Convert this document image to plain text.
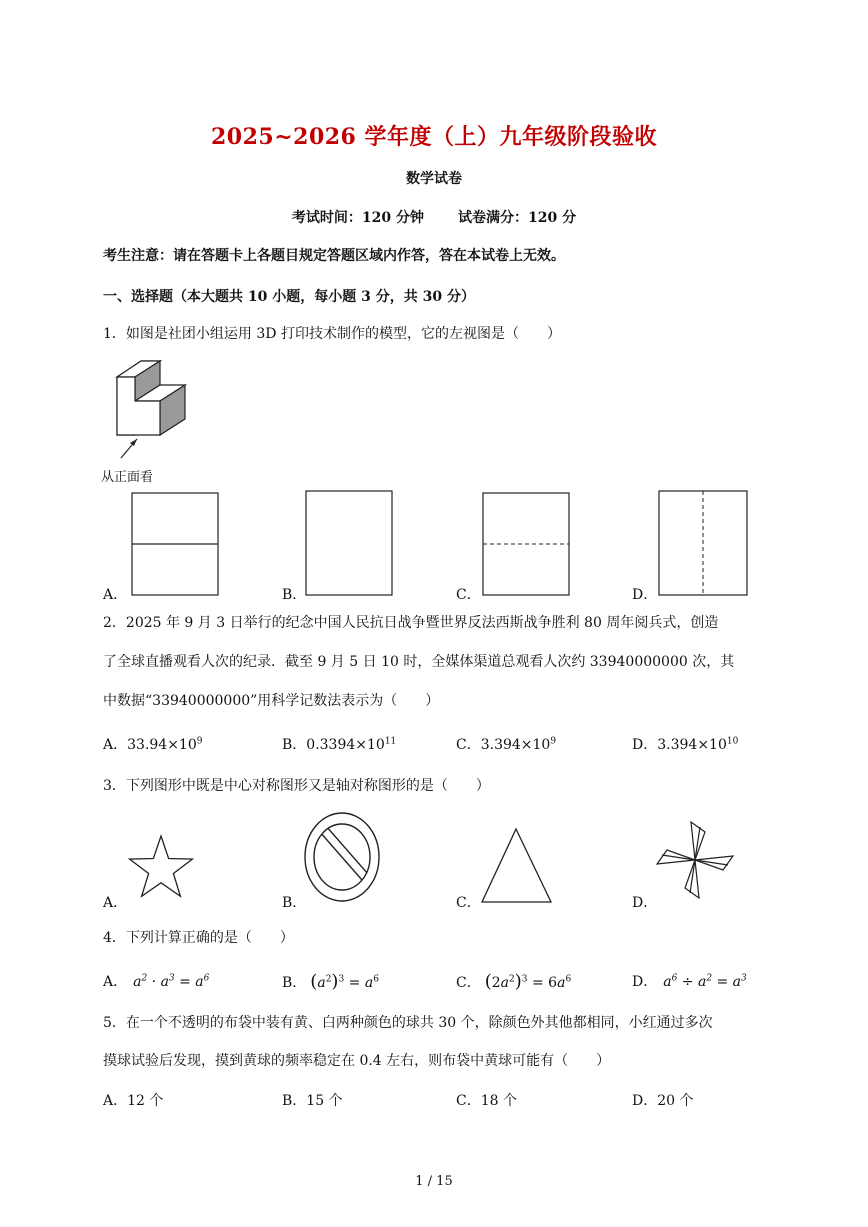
2025~2026 学年度（上）九年级阶段验收
数学试卷
考试时间：120 分钟 试卷满分：120 分
考生注意：请在答题卡上各题目规定答题区域内作答，答在本试卷上无效。
一、选择题（本大题共 10 小题，每小题 3 分，共 30 分）
1．如图是社团小组运用 3D 打印技术制作的模型，它的左视图是（　　）
从正面看
A．	B．	C．	D．
2．2025 年 9 月 3 日举行的纪念中国人民抗日战争暨世界反法西斯战争胜利 80 周年阅兵式，创造
了全球直播观看人次的纪录．截至 9 月 5 日 10 时，全媒体渠道总观看人次约 33940000000 次，其
中数据“33940000000”用科学记数法表示为（　　）
A．$33.94\times 10^9$	B．$0.3394\times 10^{11}$	C．$3.394\times 10^9$	D．$3.394\times 10^{10}$
3．下列图形中既是中心对称图形又是轴对称图形的是（　　）
A．	B．	C．	D．
4．下列计算正确的是（　　）
A． $a^2 \cdot a^3 = a^6$	B． $(a^2)^3 = a^6$	C． $(2a^2)^3 = 6a^6$	D． $a^6 \div a^2 = a^3$
5．在一个不透明的布袋中装有黄、白两种颜色的球共 30 个，除颜色外其他都相同，小红通过多次
摸球试验后发现，摸到黄球的频率稳定在 0.4 左右，则布袋中黄球可能有（　　）
A．12 个	B．15 个	C．18 个	D．20 个
1 / 15
